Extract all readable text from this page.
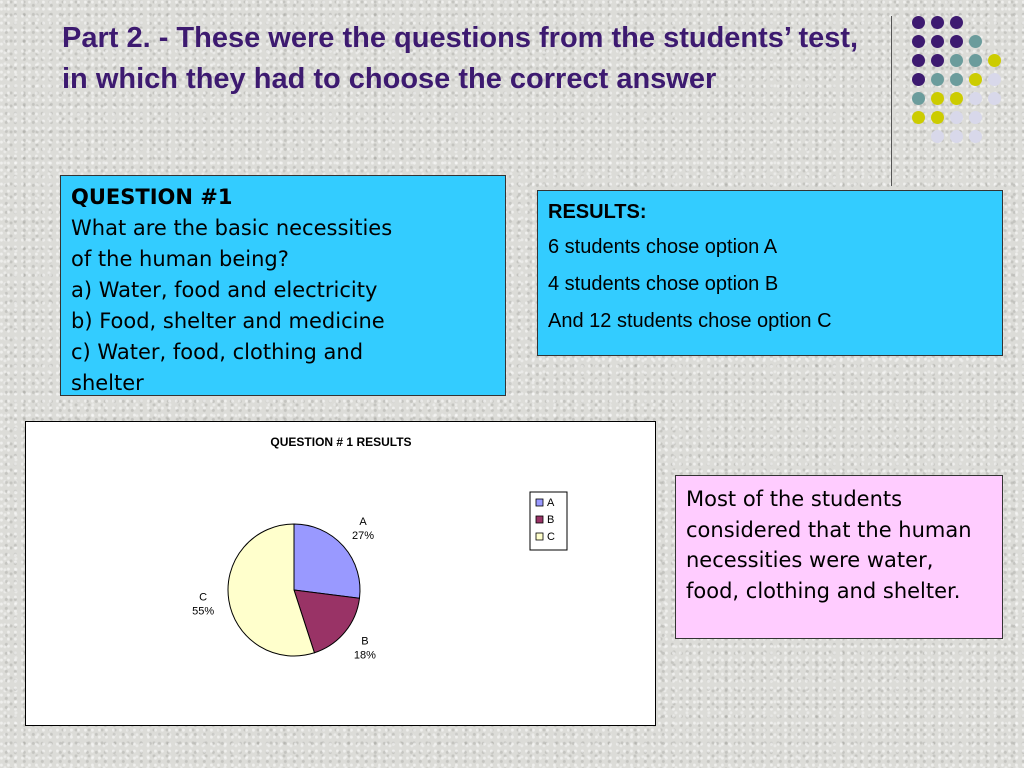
Part 2. - These were the questions from the students’ test, in which they had to choose the correct answer
QUESTION #1
What are the basic necessities
of the human being?
a) Water, food and electricity
b) Food, shelter and medicine
c) Water, food, clothing and
shelter
RESULTS:
6 students chose option A
4 students chose option B
And 12 students chose option C
QUESTION # 1 RESULTS
A
27%
B
18%
C
55%
A
B
C
Most of the students considered that the human necessities were water, food, clothing and shelter.
